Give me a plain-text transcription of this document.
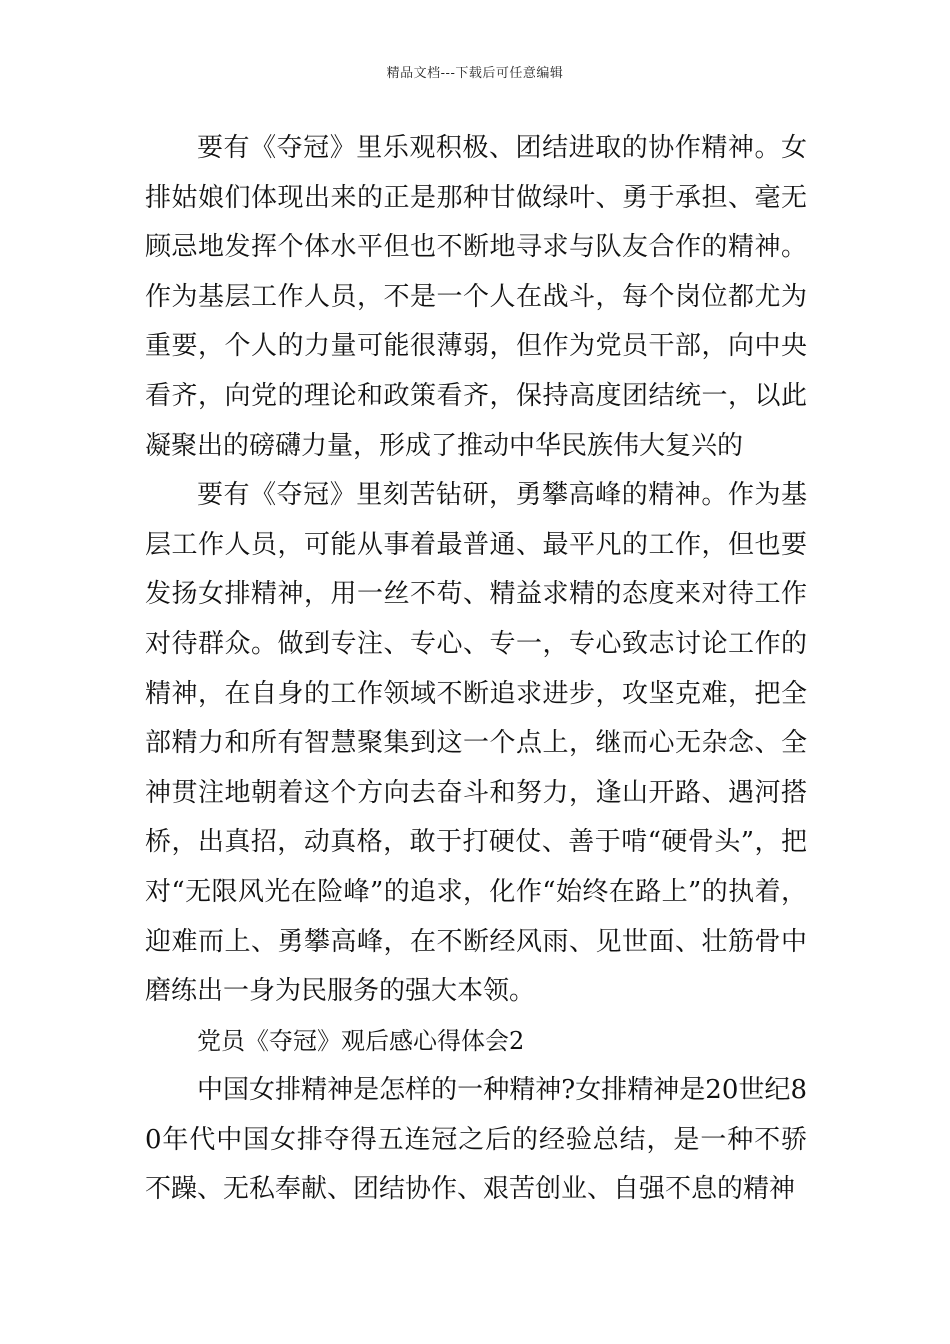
精品文档---下载后可任意编辑

要有《夺冠》里乐观积极、团结进取的协作精神。女排姑娘们体现出来的正是那种甘做绿叶、勇于承担、毫无顾忌地发挥个体水平但也不断地寻求与队友合作的精神。作为基层工作人员，不是一个人在战斗，每个岗位都尤为重要，个人的力量可能很薄弱，但作为党员干部，向中央看齐，向党的理论和政策看齐，保持高度团结统一，以此凝聚出的磅礴力量，形成了推动中华民族伟大复兴的

要有《夺冠》里刻苦钻研，勇攀高峰的精神。作为基层工作人员，可能从事着最普通、最平凡的工作，但也要发扬女排精神，用一丝不苟、精益求精的态度来对待工作对待群众。做到专注、专心、专一，专心致志讨论工作的精神，在自身的工作领域不断追求进步，攻坚克难，把全部精力和所有智慧聚集到这一个点上，继而心无杂念、全神贯注地朝着这个方向去奋斗和努力，逢山开路、遇河搭桥，出真招，动真格，敢于打硬仗、善于啃“硬骨头”，把对“无限风光在险峰”的追求，化作“始终在路上”的执着，迎难而上、勇攀高峰，在不断经风雨、见世面、壮筋骨中磨练出一身为民服务的强大本领。

党员《夺冠》观后感心得体会2

中国女排精神是怎样的一种精神?女排精神是20世纪80年代中国女排夺得五连冠之后的经验总结，是一种不骄不躁、无私奉献、团结协作、艰苦创业、自强不息的精神
